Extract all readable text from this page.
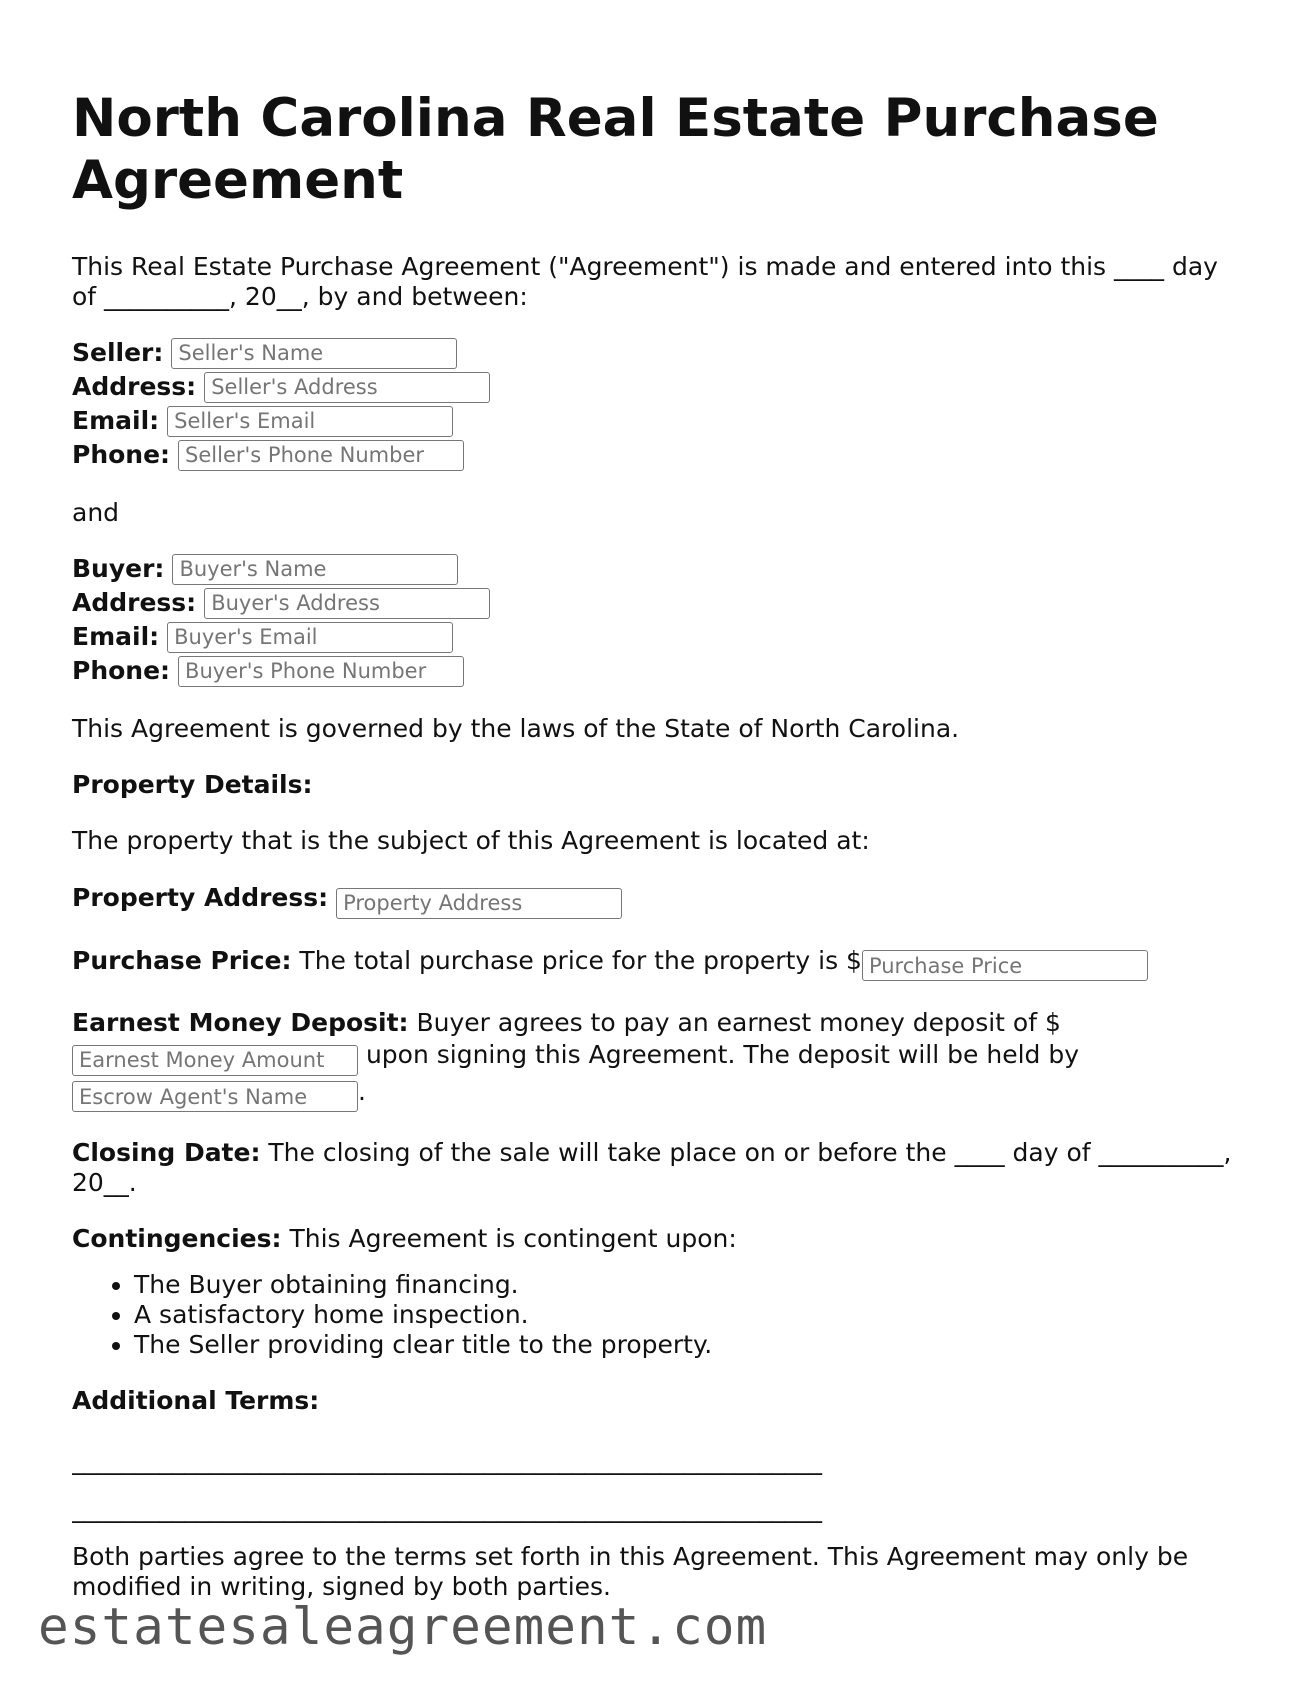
North Carolina Real Estate Purchase Agreement

This Real Estate Purchase Agreement ("Agreement") is made and entered into this ____ day of __________, 20__, by and between:

Seller:
Seller's Name
Address:
Seller's Address
Email:
Seller's Email
Phone:
Seller's Phone Number

and

Buyer:
Buyer's Name
Address:
Buyer's Address
Email:
Buyer's Email
Phone:
Buyer's Phone Number

This Agreement is governed by the laws of the State of North Carolina.

Property Details:

The property that is the subject of this Agreement is located at:

Property Address: Property Address
Purchase Price: The total purchase price for the property is $Purchase Price
Earnest Money Deposit: Buyer agrees to pay an earnest money deposit of $
Earnest Money Amount upon signing this Agreement. The deposit will be held by
Escrow Agent's Name.

Closing Date: The closing of the sale will take place on or before the ____ day of __________, 20__.

Contingencies: This Agreement is contingent upon:

• The Buyer obtaining financing.
• A satisfactory home inspection.
• The Seller providing clear title to the property.

Additional Terms:

____________________________________________________________
____________________________________________________________

Both parties agree to the terms set forth in this Agreement. This Agreement may only be modified in writing, signed by both parties.

estatesaleagreement.com
